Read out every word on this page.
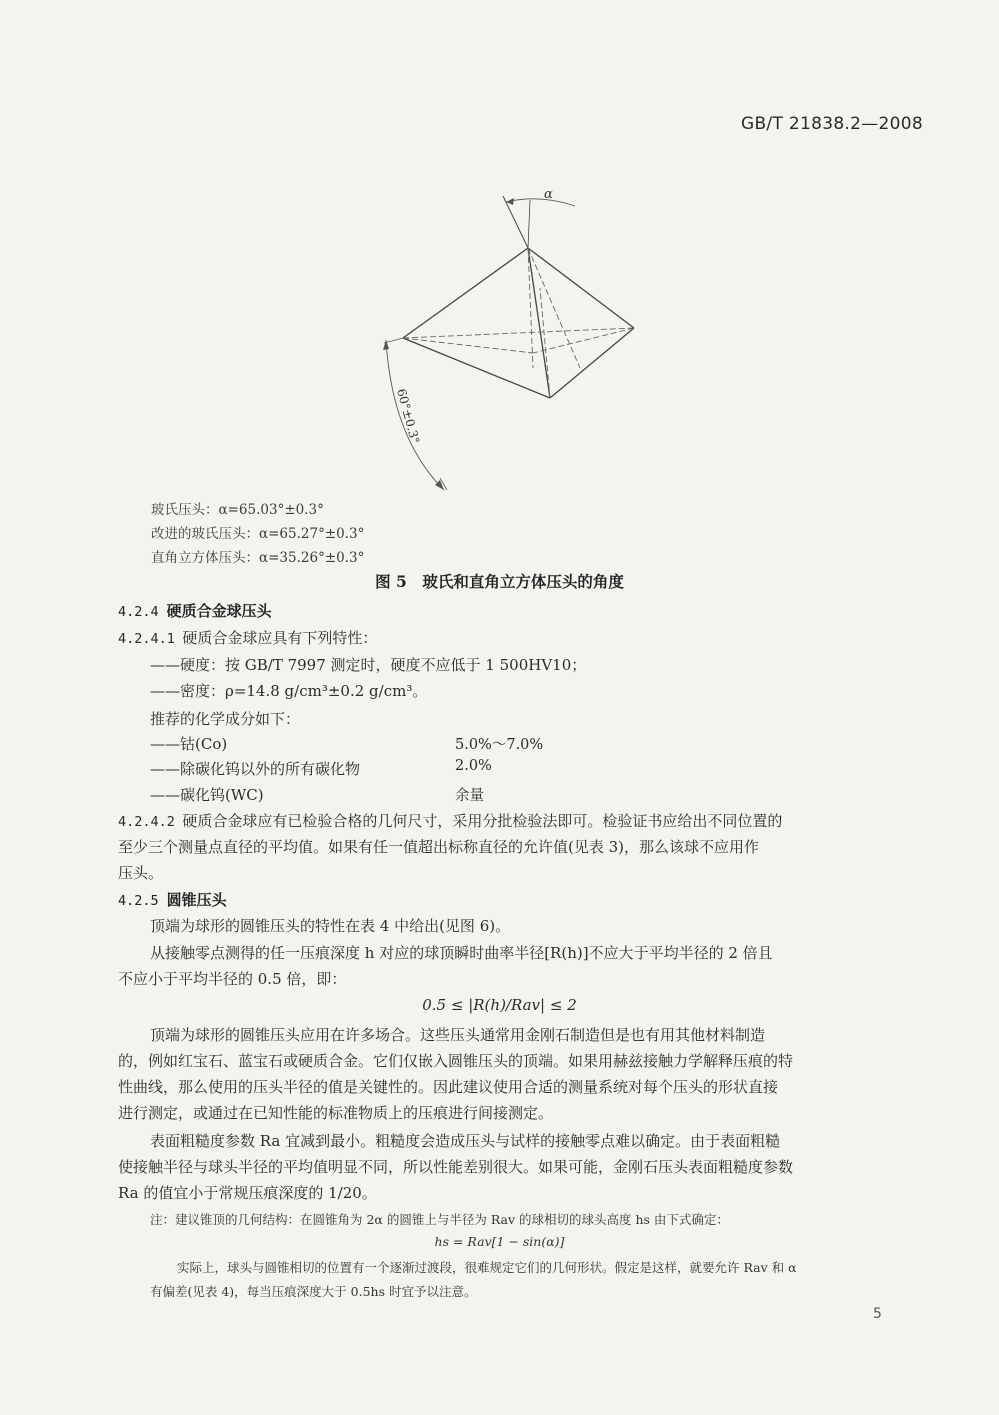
GB/T 21838.2—2008
α
60°±0.3°
玻氏压头：α=65.03°±0.3°
改进的玻氏压头：α=65.27°±0.3°
直角立方体压头：α=35.26°±0.3°
图 5　玻氏和直角立方体压头的角度
4.2.4 硬质合金球压头
4.2.4.1  硬质合金球应具有下列特性：
——硬度：按 GB/T 7997 测定时，硬度不应低于 1 500HV10；
——密度：ρ=14.8 g/cm³±0.2 g/cm³。
推荐的化学成分如下：
——钴(Co)	5.0%～7.0%
——除碳化钨以外的所有碳化物	2.0%
——碳化钨(WC)	余量
4.2.4.2  硬质合金球应有已检验合格的几何尺寸，采用分批检验法即可。检验证书应给出不同位置的
至少三个测量点直径的平均值。如果有任一值超出标称直径的允许值(见表 3)，那么该球不应用作
压头。
4.2.5 圆锥压头
顶端为球形的圆锥压头的特性在表 4 中给出(见图 6)。
从接触零点测得的任一压痕深度 h 对应的球顶瞬时曲率半径[R(h)]不应大于平均半径的 2 倍且
不应小于平均半径的 0.5 倍，即：
0.5 ≤ |R(h)/Rav| ≤ 2
顶端为球形的圆锥压头应用在许多场合。这些压头通常用金刚石制造但是也有用其他材料制造
的，例如红宝石、蓝宝石或硬质合金。它们仅嵌入圆锥压头的顶端。如果用赫兹接触力学解释压痕的特
性曲线，那么使用的压头半径的值是关键性的。因此建议使用合适的测量系统对每个压头的形状直接
进行测定，或通过在已知性能的标准物质上的压痕进行间接测定。
表面粗糙度参数 Ra 宜减到最小。粗糙度会造成压头与试样的接触零点难以确定。由于表面粗糙
使接触半径与球头半径的平均值明显不同，所以性能差别很大。如果可能，金刚石压头表面粗糙度参数
Ra 的值宜小于常规压痕深度的 1/20。
注：建议锥顶的几何结构：在圆锥角为 2α 的圆锥上与半径为 Rav 的球相切的球头高度 hs 由下式确定：
hs = Rav[1 − sin(α)]
实际上，球头与圆锥相切的位置有一个逐渐过渡段，很难规定它们的几何形状。假定是这样，就要允许 Rav 和 α
有偏差(见表 4)，每当压痕深度大于 0.5hs 时宜予以注意。
5
